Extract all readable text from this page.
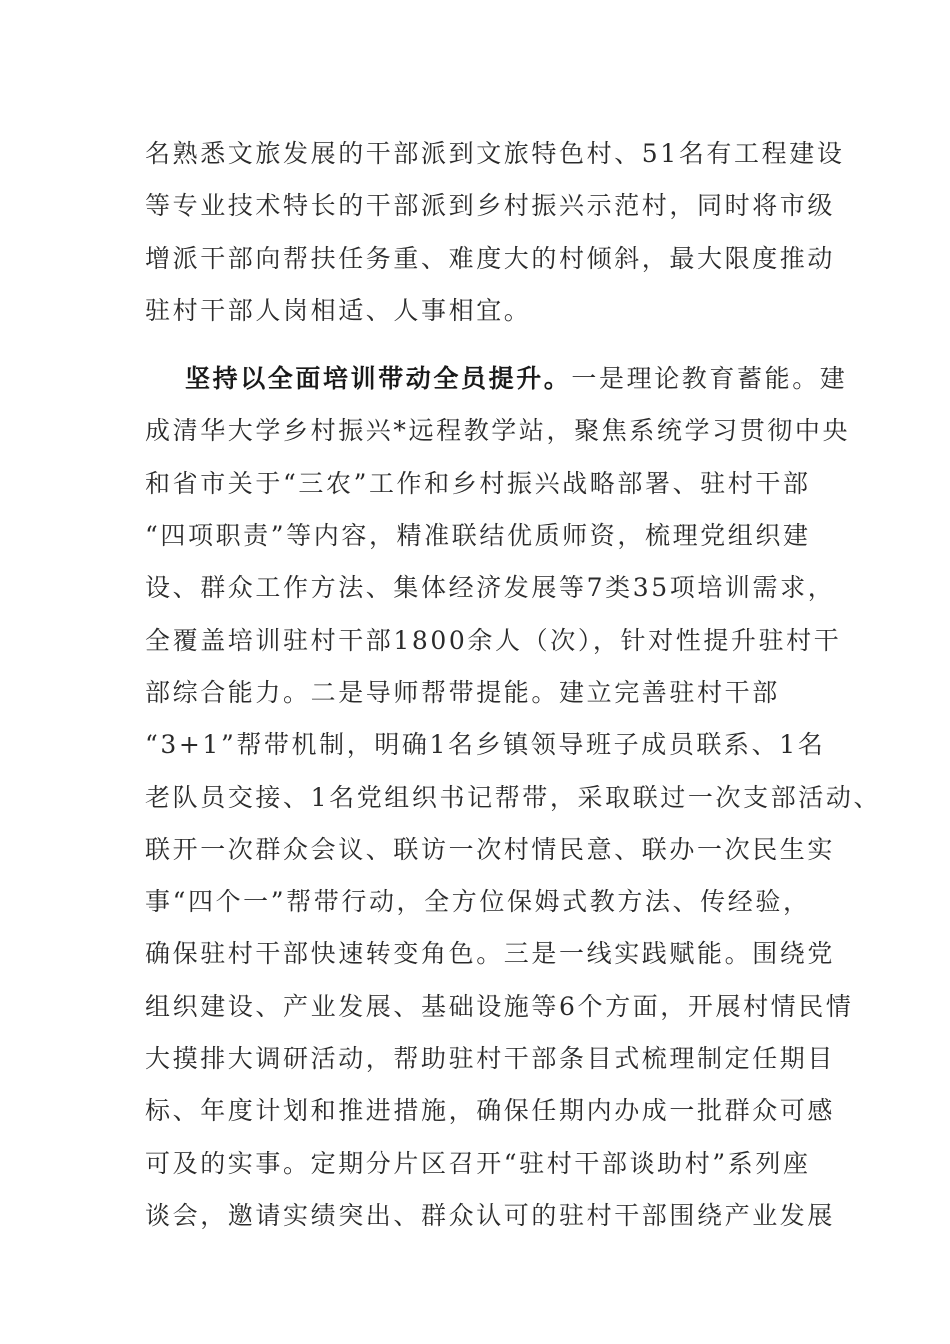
名熟悉文旅发展的干部派到文旅特色村、51名有工程建设
等专业技术特长的干部派到乡村振兴示范村，同时将市级
增派干部向帮扶任务重、难度大的村倾斜，最大限度推动
驻村干部人岗相适、人事相宜。
坚持以全面培训带动全员提升。一是理论教育蓄能。建
成清华大学乡村振兴*远程教学站，聚焦系统学习贯彻中央
和省市关于“三农”工作和乡村振兴战略部署、驻村干部
“四项职责”等内容，精准联结优质师资，梳理党组织建
设、群众工作方法、集体经济发展等7类35项培训需求，
全覆盖培训驻村干部1800余人（次），针对性提升驻村干
部综合能力。二是导师帮带提能。建立完善驻村干部
“3+1”帮带机制，明确1名乡镇领导班子成员联系、1名
老队员交接、1名党组织书记帮带，采取联过一次支部活动、
联开一次群众会议、联访一次村情民意、联办一次民生实
事“四个一”帮带行动，全方位保姆式教方法、传经验，
确保驻村干部快速转变角色。三是一线实践赋能。围绕党
组织建设、产业发展、基础设施等6个方面，开展村情民情
大摸排大调研活动，帮助驻村干部条目式梳理制定任期目
标、年度计划和推进措施，确保任期内办成一批群众可感
可及的实事。定期分片区召开“驻村干部谈助村”系列座
谈会，邀请实绩突出、群众认可的驻村干部围绕产业发展
